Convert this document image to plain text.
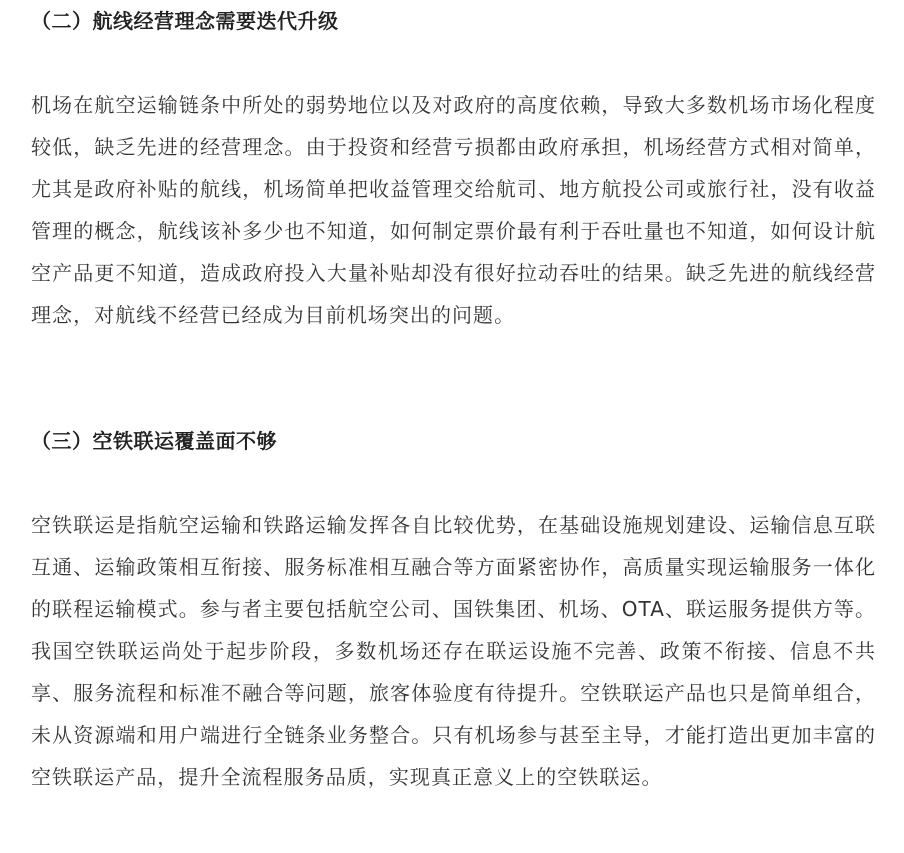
（二）航线经营理念需要迭代升级

机场在航空运输链条中所处的弱势地位以及对政府的高度依赖，导致大多数机场市场化程度较低，缺乏先进的经营理念。由于投资和经营亏损都由政府承担，机场经营方式相对简单，尤其是政府补贴的航线，机场简单把收益管理交给航司、地方航投公司或旅行社，没有收益管理的概念，航线该补多少也不知道，如何制定票价最有利于吞吐量也不知道，如何设计航空产品更不知道，造成政府投入大量补贴却没有很好拉动吞吐的结果。缺乏先进的航线经营理念，对航线不经营已经成为目前机场突出的问题。

（三）空铁联运覆盖面不够

空铁联运是指航空运输和铁路运输发挥各自比较优势，在基础设施规划建设、运输信息互联互通、运输政策相互衔接、服务标准相互融合等方面紧密协作，高质量实现运输服务一体化的联程运输模式。参与者主要包括航空公司、国铁集团、机场、OTA、联运服务提供方等。我国空铁联运尚处于起步阶段，多数机场还存在联运设施不完善、政策不衔接、信息不共享、服务流程和标准不融合等问题，旅客体验度有待提升。空铁联运产品也只是简单组合，未从资源端和用户端进行全链条业务整合。只有机场参与甚至主导，才能打造出更加丰富的空铁联运产品，提升全流程服务品质，实现真正意义上的空铁联运。
